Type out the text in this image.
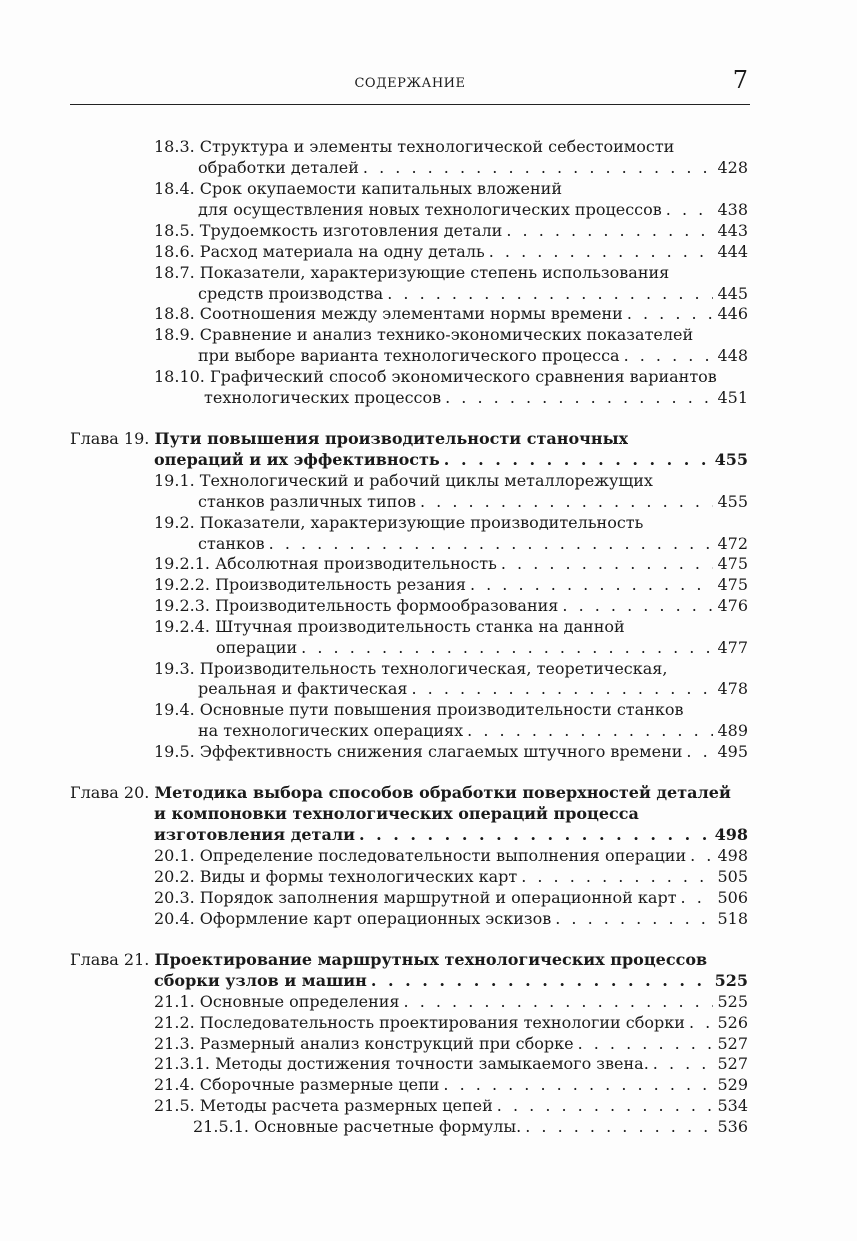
СОДЕРЖАНИЕ	7
18.3. Структура и элементы технологической себестоимости
обработки деталей . . .	428
18.4. Срок окупаемости капитальных вложений
для осуществления новых технологических процессов . . .	438
18.5. Трудоемкость изготовления детали . . .	443
18.6. Расход материала на одну деталь . . .	444
18.7. Показатели, характеризующие степень использования
средств производства . . .	445
18.8. Соотношения между элементами нормы времени . . .	446
18.9. Сравнение и анализ технико-экономических показателей
при выборе варианта технологического процесса . . .	448
18.10. Графический способ экономического сравнения вариантов
технологических процессов . . .	451
Глава 19. Пути повышения производительности станочных
операций и их эффективность . . .	455
19.1. Технологический и рабочий циклы металлорежущих
станков различных типов . . .	455
19.2. Показатели, характеризующие производительность
станков . . .	472
19.2.1. Абсолютная производительность . . .	475
19.2.2. Производительность резания . . .	475
19.2.3. Производительность формообразования . . .	476
19.2.4. Штучная производительность станка на данной
операции . . .	477
19.3. Производительность технологическая, теоретическая,
реальная и фактическая . . .	478
19.4. Основные пути повышения производительности станков
на технологических операциях . . .	489
19.5. Эффективность снижения слагаемых штучного времени . . . 495
Глава 20. Методика выбора способов обработки поверхностей деталей
и компоновки технологических операций процесса
изготовления детали . . .	498
20.1. Определение последовательности выполнения операции . . . 498
20.2. Виды и формы технологических карт . . .	505
20.3. Порядок заполнения маршрутной и операционной карт . . .	506
20.4. Оформление карт операционных эскизов . . .	518
Глава 21. Проектирование маршрутных технологических процессов
сборки узлов и машин . . .	525
21.1. Основные определения . . .	525
21.2. Последовательность проектирования технологии сборки . . . 526
21.3. Размерный анализ конструкций при сборке . . .	527
21.3.1. Методы достижения точности замыкаемого звена. . . .	527
21.4. Сборочные размерные цепи . . .	529
21.5. Методы расчета размерных цепей . . .	534
21.5.1. Основные расчетные формулы. . . .	536
